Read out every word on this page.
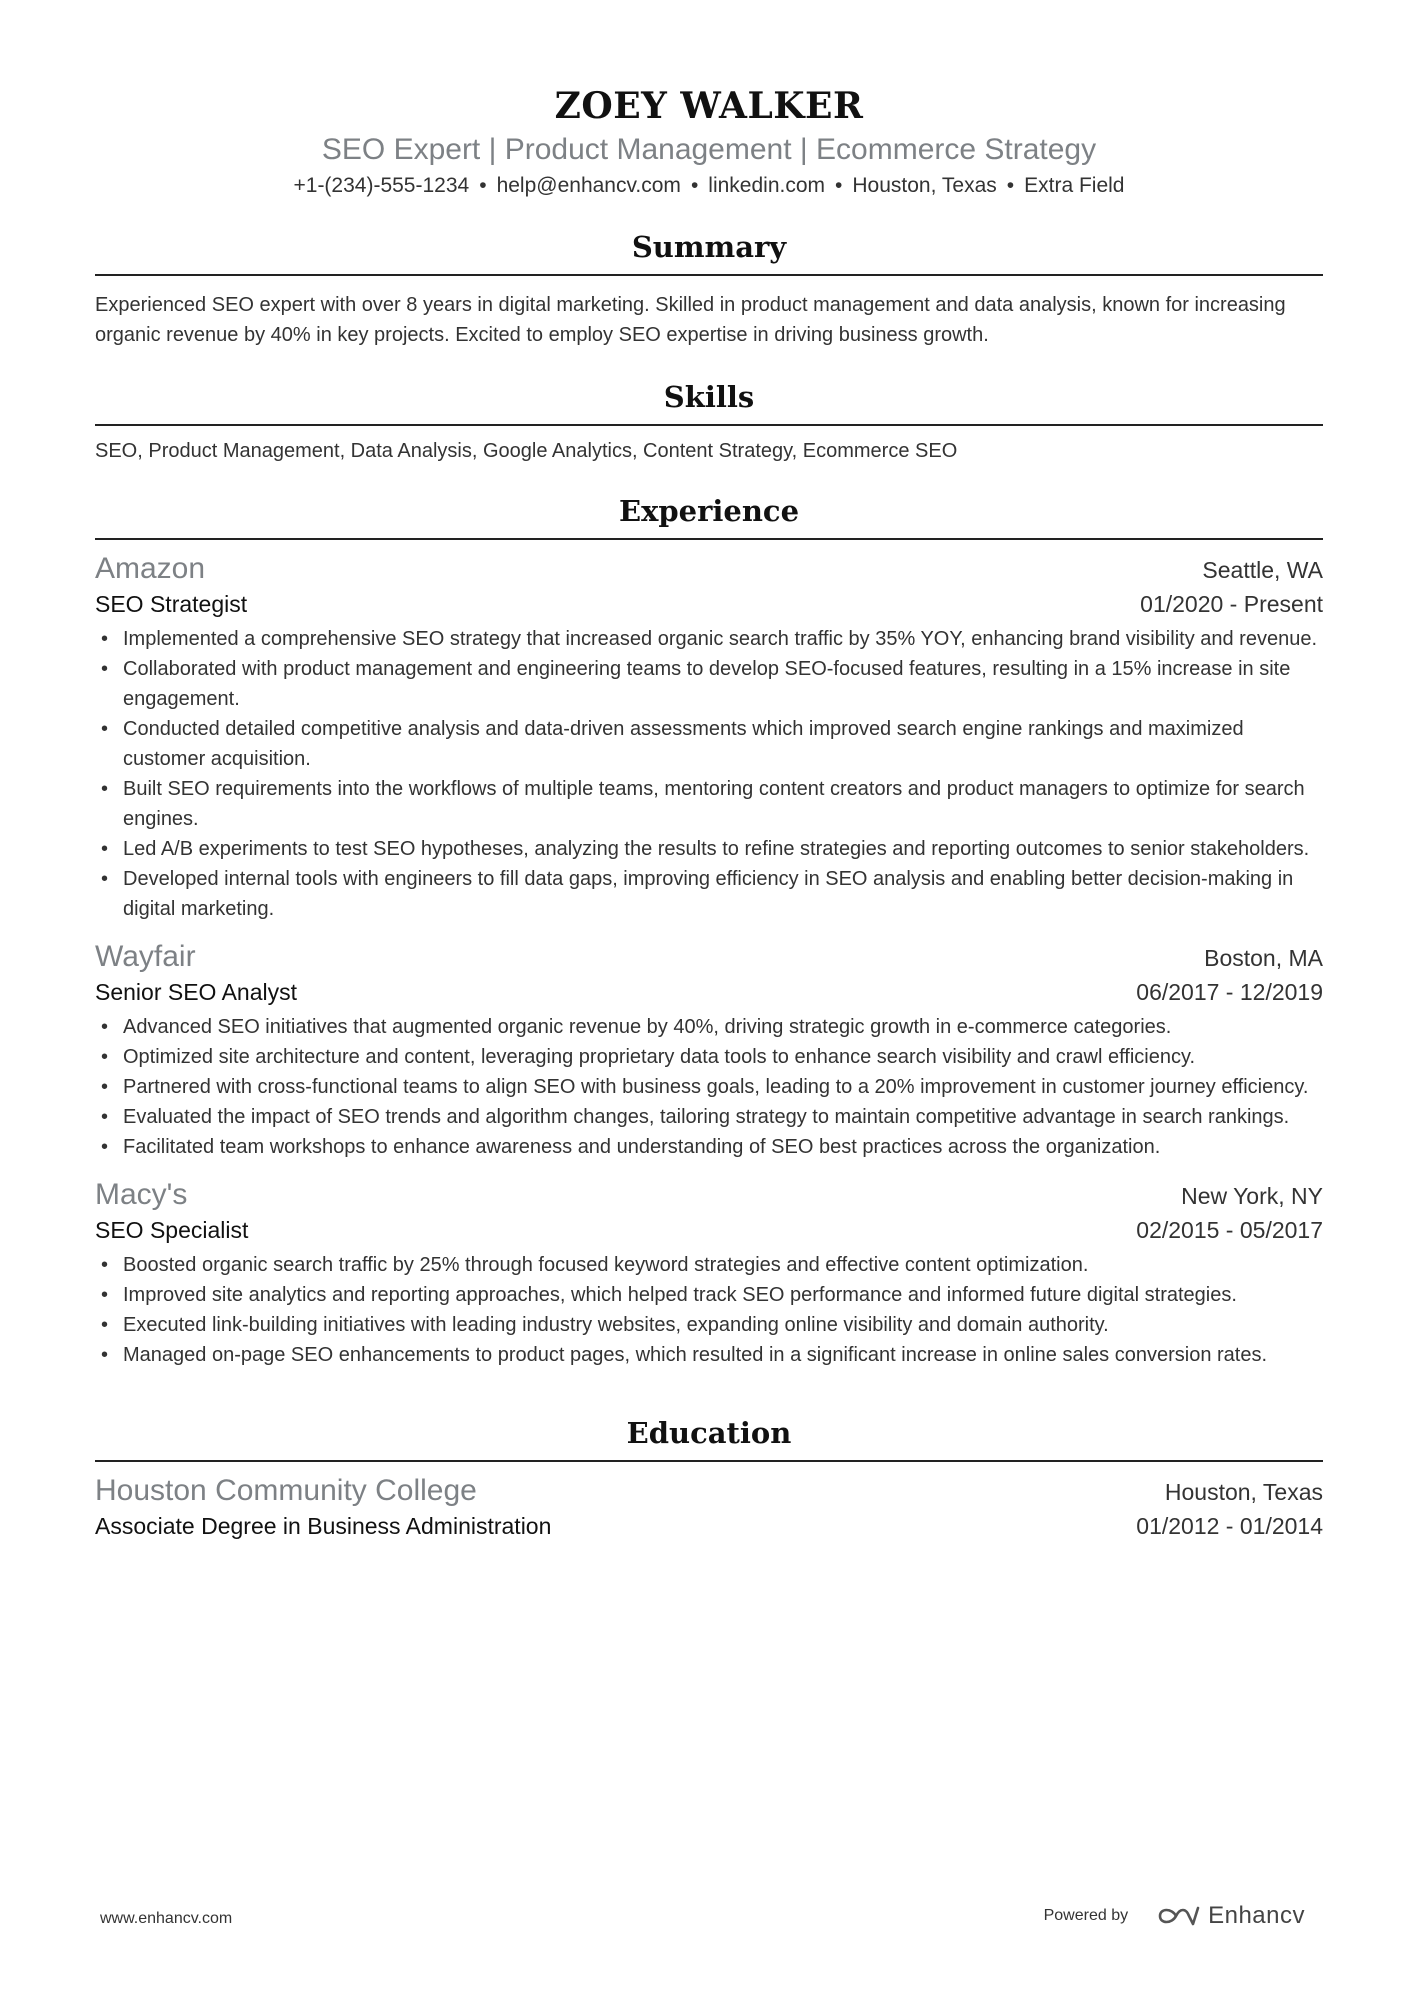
ZOEY WALKER
SEO Expert | Product Management | Ecommerce Strategy
+1-(234)-555-1234 • help@enhancv.com • linkedin.com • Houston, Texas • Extra Field
Summary
Experienced SEO expert with over 8 years in digital marketing. Skilled in product management and data analysis, known for increasing organic revenue by 40% in key projects. Excited to employ SEO expertise in driving business growth.
Skills
SEO, Product Management, Data Analysis, Google Analytics, Content Strategy, Ecommerce SEO
Experience
Amazon	Seattle, WA
SEO Strategist	01/2020 - Present
• Implemented a comprehensive SEO strategy that increased organic search traffic by 35% YOY, enhancing brand visibility and revenue.
• Collaborated with product management and engineering teams to develop SEO-focused features, resulting in a 15% increase in site engagement.
• Conducted detailed competitive analysis and data-driven assessments which improved search engine rankings and maximized customer acquisition.
• Built SEO requirements into the workflows of multiple teams, mentoring content creators and product managers to optimize for search engines.
• Led A/B experiments to test SEO hypotheses, analyzing the results to refine strategies and reporting outcomes to senior stakeholders.
• Developed internal tools with engineers to fill data gaps, improving efficiency in SEO analysis and enabling better decision-making in digital marketing.
Wayfair	Boston, MA
Senior SEO Analyst	06/2017 - 12/2019
• Advanced SEO initiatives that augmented organic revenue by 40%, driving strategic growth in e-commerce categories.
• Optimized site architecture and content, leveraging proprietary data tools to enhance search visibility and crawl efficiency.
• Partnered with cross-functional teams to align SEO with business goals, leading to a 20% improvement in customer journey efficiency.
• Evaluated the impact of SEO trends and algorithm changes, tailoring strategy to maintain competitive advantage in search rankings.
• Facilitated team workshops to enhance awareness and understanding of SEO best practices across the organization.
Macy's	New York, NY
SEO Specialist	02/2015 - 05/2017
• Boosted organic search traffic by 25% through focused keyword strategies and effective content optimization.
• Improved site analytics and reporting approaches, which helped track SEO performance and informed future digital strategies.
• Executed link-building initiatives with leading industry websites, expanding online visibility and domain authority.
• Managed on-page SEO enhancements to product pages, which resulted in a significant increase in online sales conversion rates.
Education
Houston Community College	Houston, Texas
Associate Degree in Business Administration	01/2012 - 01/2014
www.enhancv.com	Powered by	Enhancv
